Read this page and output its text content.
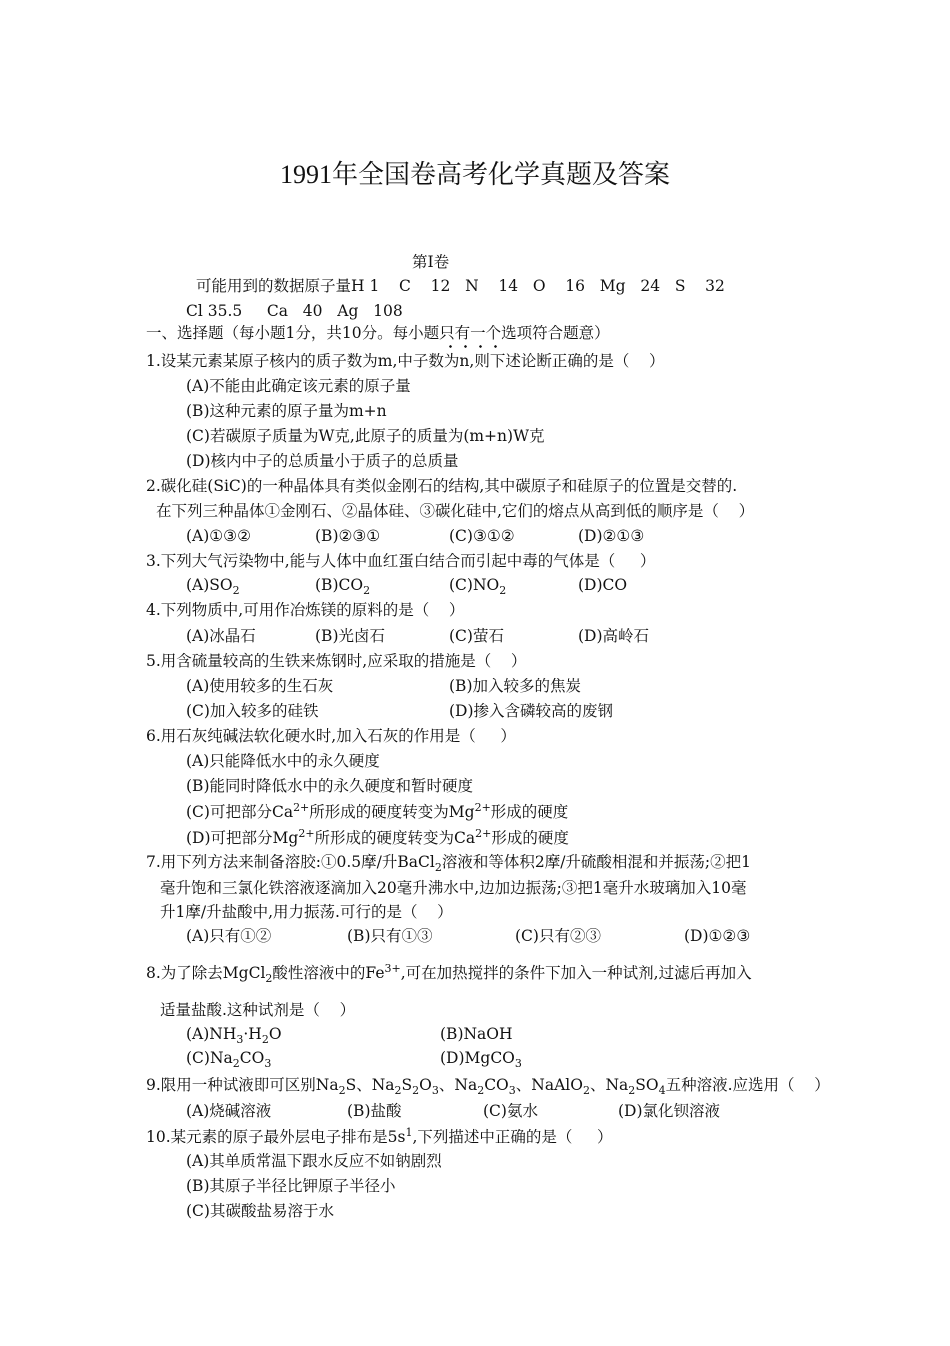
1991年全国卷高考化学真题及答案
第Ⅰ卷
可能用到的数据原子量H 1    C    12   N    14   O    16   Mg   24   S    32
Cl 35.5     Ca   40   Ag   108
一、选择题（每小题1分，共10分。每小题只有一个选项符合题意）
1.设某元素某原子核内的质子数为m,中子数为n,则下述论断正确的是（    ）
(A)不能由此确定该元素的原子量
(B)这种元素的原子量为m+n
(C)若碳原子质量为W克,此原子的质量为(m+n)W克
(D)核内中子的总质量小于质子的总质量
2.碳化硅(SiC)的一种晶体具有类似金刚石的结构,其中碳原子和硅原子的位置是交替的.
在下列三种晶体①金刚石、②晶体硅、③碳化硅中,它们的熔点从高到低的顺序是（    ）
(A)①③②	(B)②③①	(C)③①②	(D)②①③
3.下列大气污染物中,能与人体中血红蛋白结合而引起中毒的气体是（     ）
$(A)SO_2$	$(B)CO_2$	$(C)NO_2$	(D)CO
4.下列物质中,可用作冶炼镁的原料的是（    ）
(A)冰晶石	(B)光卤石	(C)萤石	(D)高岭石
5.用含硫量较高的生铁来炼钢时,应采取的措施是（    ）
(A)使用较多的生石灰	(B)加入较多的焦炭
(C)加入较多的硅铁	(D)掺入含磷较高的废钢
6.用石灰纯碱法软化硬水时,加入石灰的作用是（     ）
(A)只能降低水中的永久硬度
(B)能同时降低水中的永久硬度和暂时硬度
(C)可把部分$Ca^{2+}$所形成的硬度转变为$Mg^{2+}$形成的硬度
(D)可把部分$Mg^{2+}$所形成的硬度转变为$Ca^{2+}$形成的硬度
7.用下列方法来制备溶胶:①0.5摩/升BaCl$_2$溶液和等体积2摩/升硫酸相混和并振荡;②把1
毫升饱和三氯化铁溶液逐滴加入20毫升沸水中,边加边振荡;③把1毫升水玻璃加入10毫
升1摩/升盐酸中,用力振荡.可行的是（    ）
(A)只有①②	(B)只有①③	(C)只有②③	(D)①②③
8.为了除去MgCl$_2$酸性溶液中的$Fe^{3+}$,可在加热搅拌的条件下加入一种试剂,过滤后再加入
适量盐酸.这种试剂是（    ）
$(A)NH_3\cdot H_2O$	(B)NaOH
$(C)Na_2CO_3$	(D)MgCO$_3$
9.限用一种试液即可区别$Na_2S$、$Na_2S_2O_3$、$Na_2CO_3$、NaAlO$_2$、$Na_2SO_4$五种溶液.应选用（    ）
(A)烧碱溶液	(B)盐酸	(C)氨水	(D)氯化钡溶液
10.某元素的原子最外层电子排布是$5s^1$,下列描述中正确的是（     ）
(A)其单质常温下跟水反应不如钠剧烈
(B)其原子半径比钾原子半径小
(C)其碳酸盐易溶于水
